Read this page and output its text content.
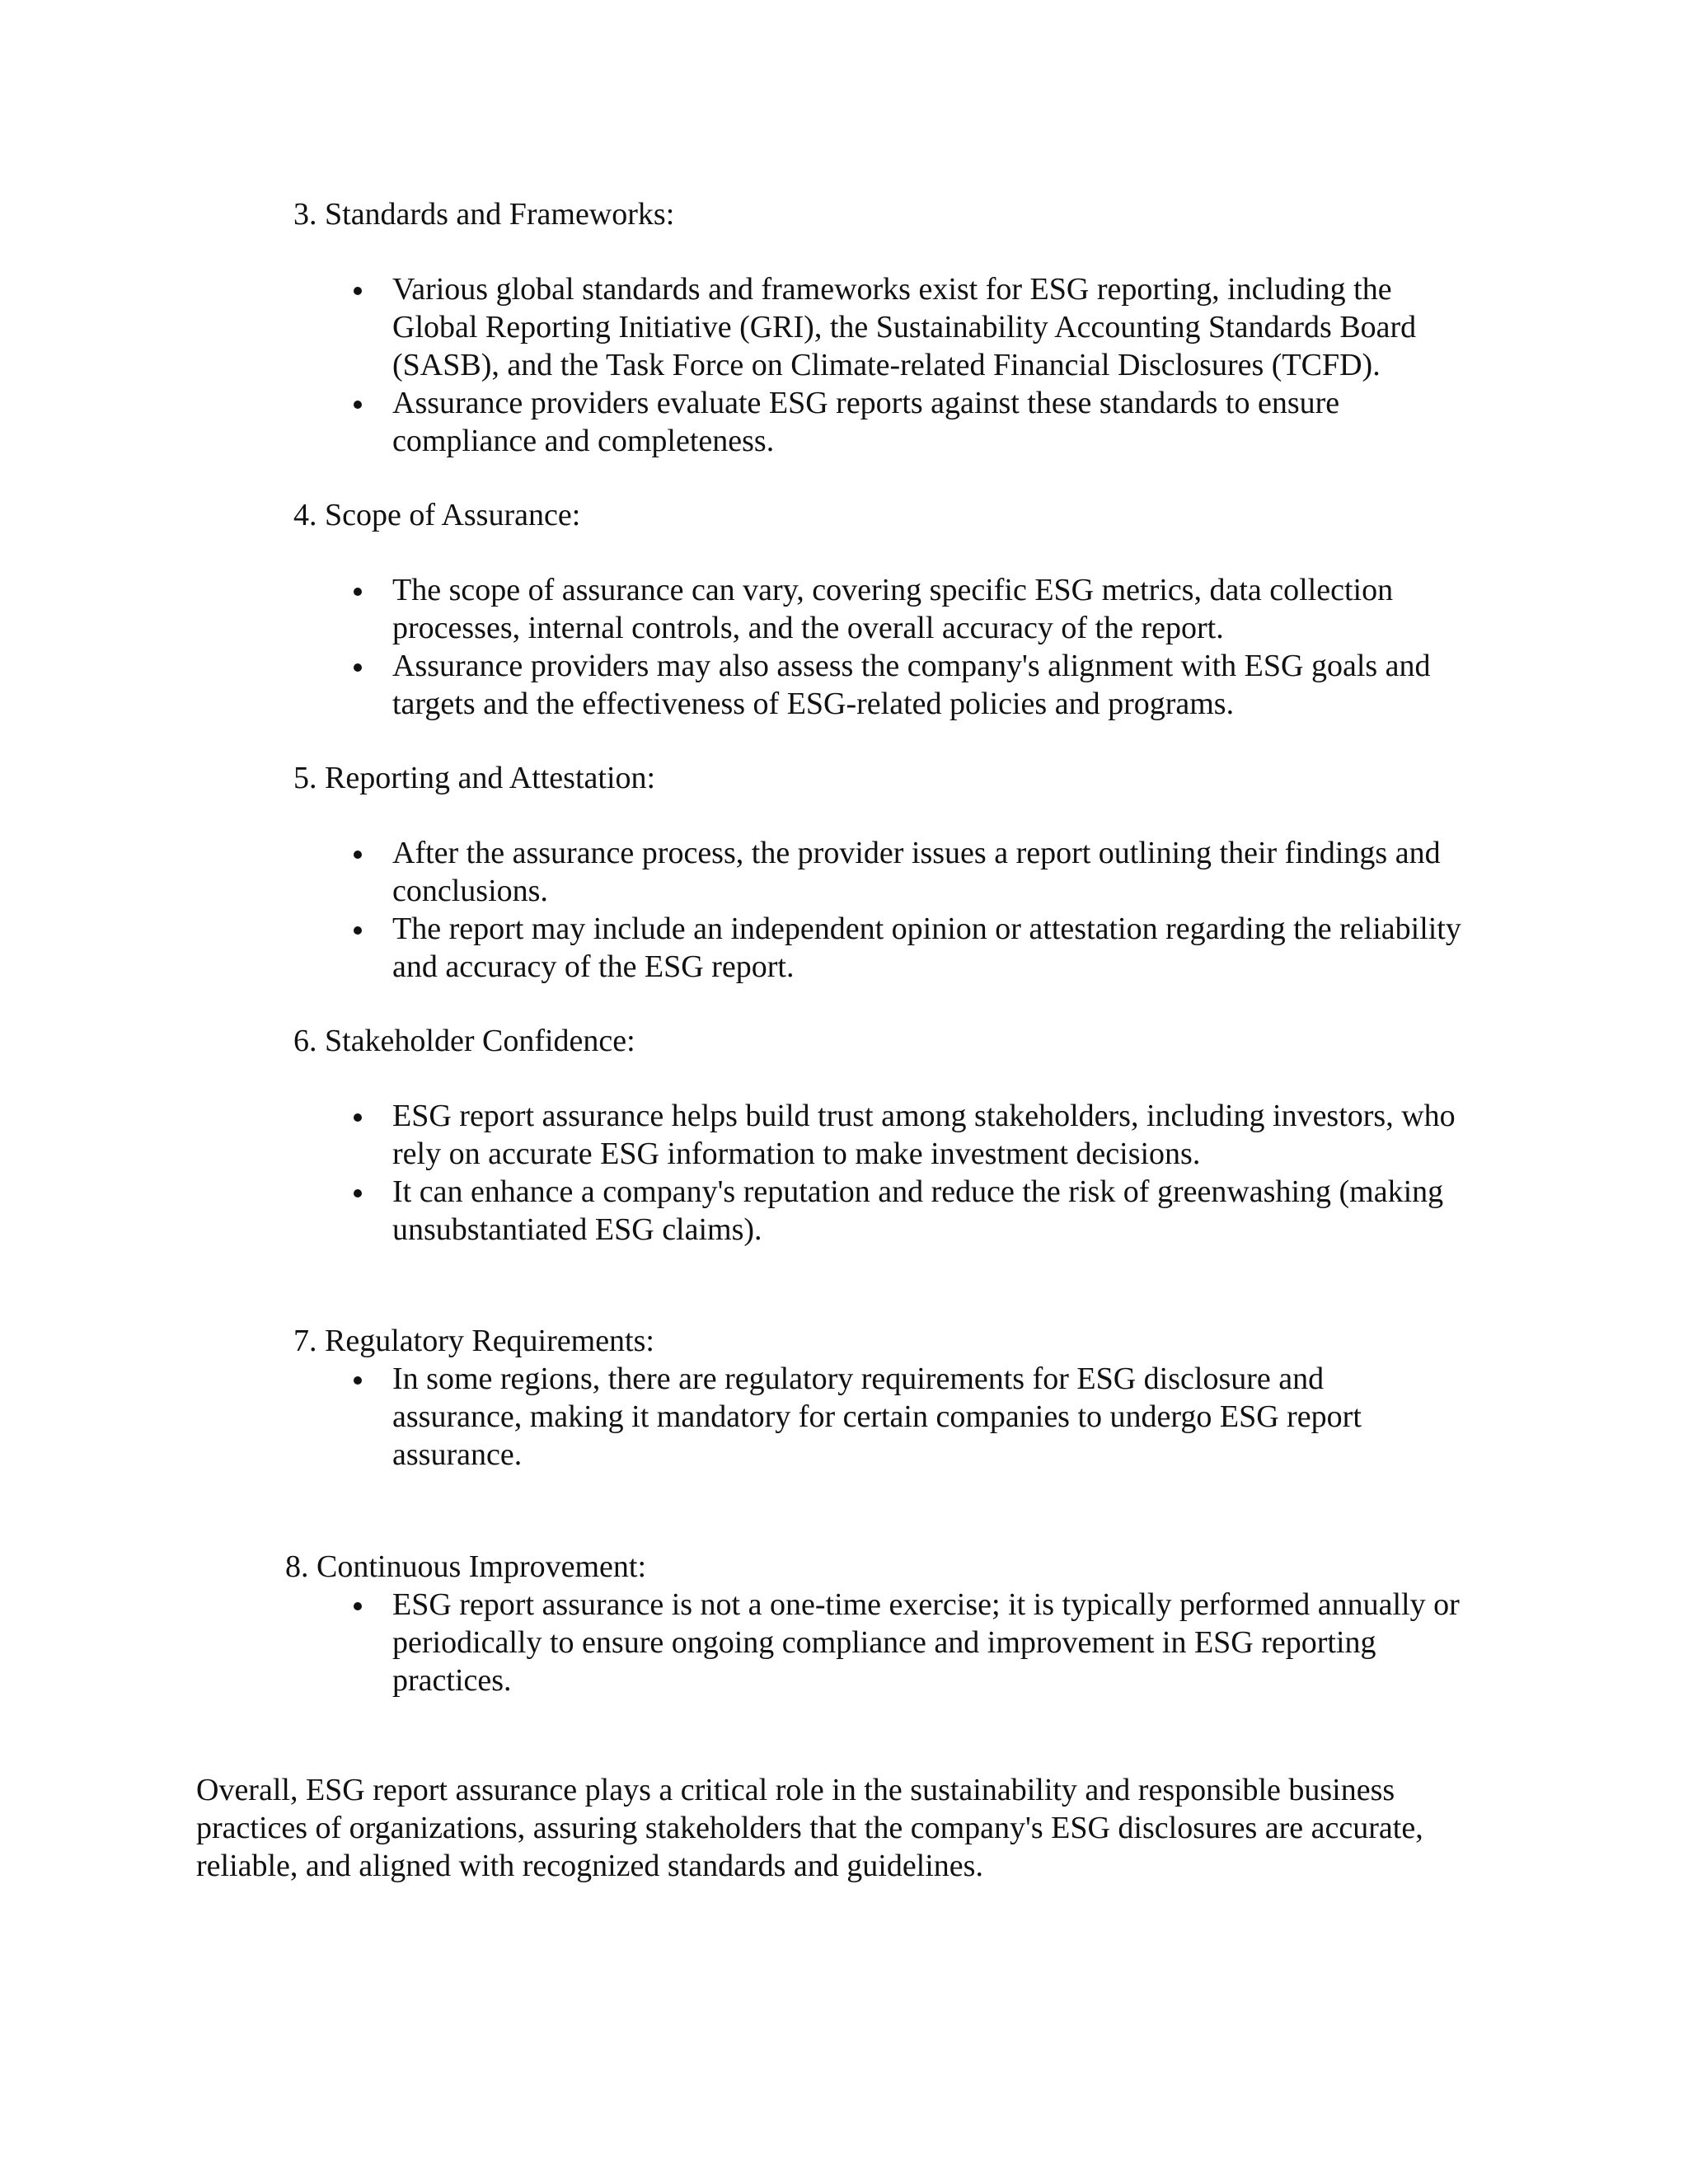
3. Standards and Frameworks:
Various global standards and frameworks exist for ESG reporting, including the Global Reporting Initiative (GRI), the Sustainability Accounting Standards Board (SASB), and the Task Force on Climate-related Financial Disclosures (TCFD).
Assurance providers evaluate ESG reports against these standards to ensure compliance and completeness.
4. Scope of Assurance:
The scope of assurance can vary, covering specific ESG metrics, data collection processes, internal controls, and the overall accuracy of the report.
Assurance providers may also assess the company's alignment with ESG goals and targets and the effectiveness of ESG-related policies and programs.
5. Reporting and Attestation:
After the assurance process, the provider issues a report outlining their findings and conclusions.
The report may include an independent opinion or attestation regarding the reliability and accuracy of the ESG report.
6. Stakeholder Confidence:
ESG report assurance helps build trust among stakeholders, including investors, who rely on accurate ESG information to make investment decisions.
It can enhance a company's reputation and reduce the risk of greenwashing (making unsubstantiated ESG claims).
7. Regulatory Requirements:
In some regions, there are regulatory requirements for ESG disclosure and assurance, making it mandatory for certain companies to undergo ESG report assurance.
8. Continuous Improvement:
ESG report assurance is not a one-time exercise; it is typically performed annually or periodically to ensure ongoing compliance and improvement in ESG reporting practices.

Overall, ESG report assurance plays a critical role in the sustainability and responsible business practices of organizations, assuring stakeholders that the company's ESG disclosures are accurate, reliable, and aligned with recognized standards and guidelines.
